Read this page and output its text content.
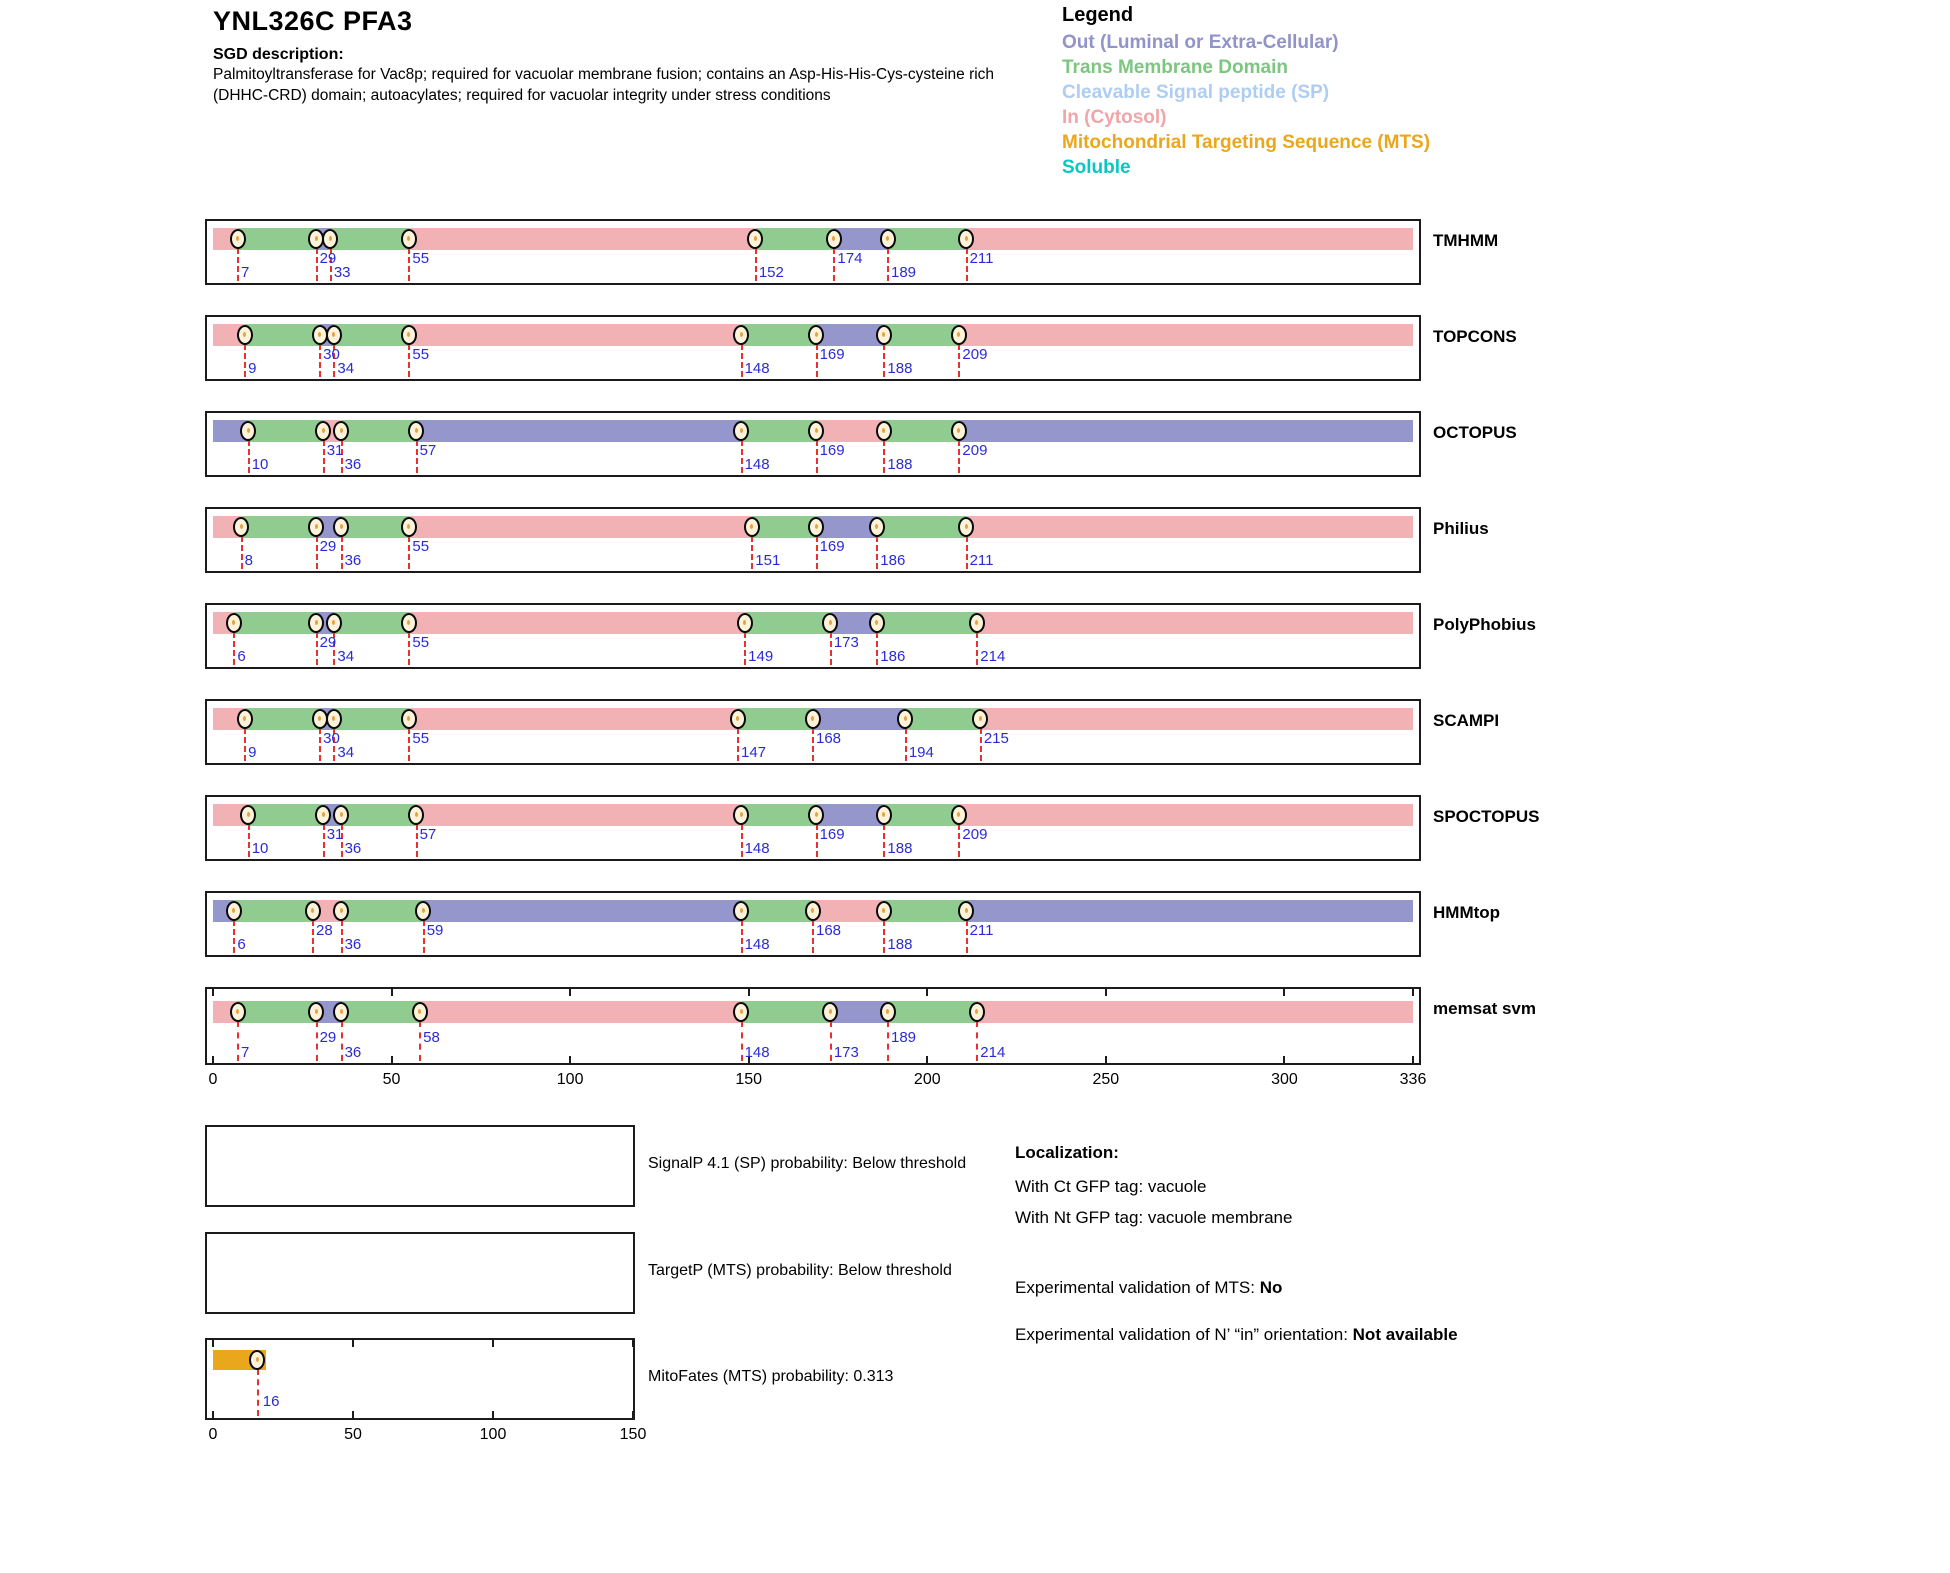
YNL326C PFA3
SGD description:
Palmitoyltransferase for Vac8p; required for vacuolar membrane fusion; contains an Asp-His-His-Cys-cysteine rich (DHHC-CRD) domain; autoacylates; required for vacuolar integrity under stress conditions
Legend
Out (Luminal or Extra-Cellular)
Trans Membrane Domain
Cleavable Signal peptide (SP)
In (Cytosol)
Mitochondrial Targeting Sequence (MTS)
Soluble
7
29
33
55
152
174
189
211
TMHMM
9
30
34
55
148
169
188
209
TOPCONS
10
31
36
57
148
169
188
209
OCTOPUS
8
29
36
55
151
169
186	211
Philius
6
29
34
55
149
173
186	214
PolyPhobius
9
30
34
55
147
168
194
215
SCAMPI
10
31
36
57
148
169
188
209
SPOCTOPUS
6
28
36
59
148
168
188
211
HMMtop
7
29
36
58
148	173
189
214
0	50	100	150	200	250	300	336
memsat svm
SignalP 4.1 (SP) probability: Below threshold
TargetP (MTS) probability: Below threshold
MitoFates (MTS) probability: 0.313
0	50	100	150
16
Localization:
With Ct GFP tag: vacuole
With Nt GFP tag: vacuole membrane
Experimental validation of MTS: No
Experimental validation of N’ “in” orientation: Not available
